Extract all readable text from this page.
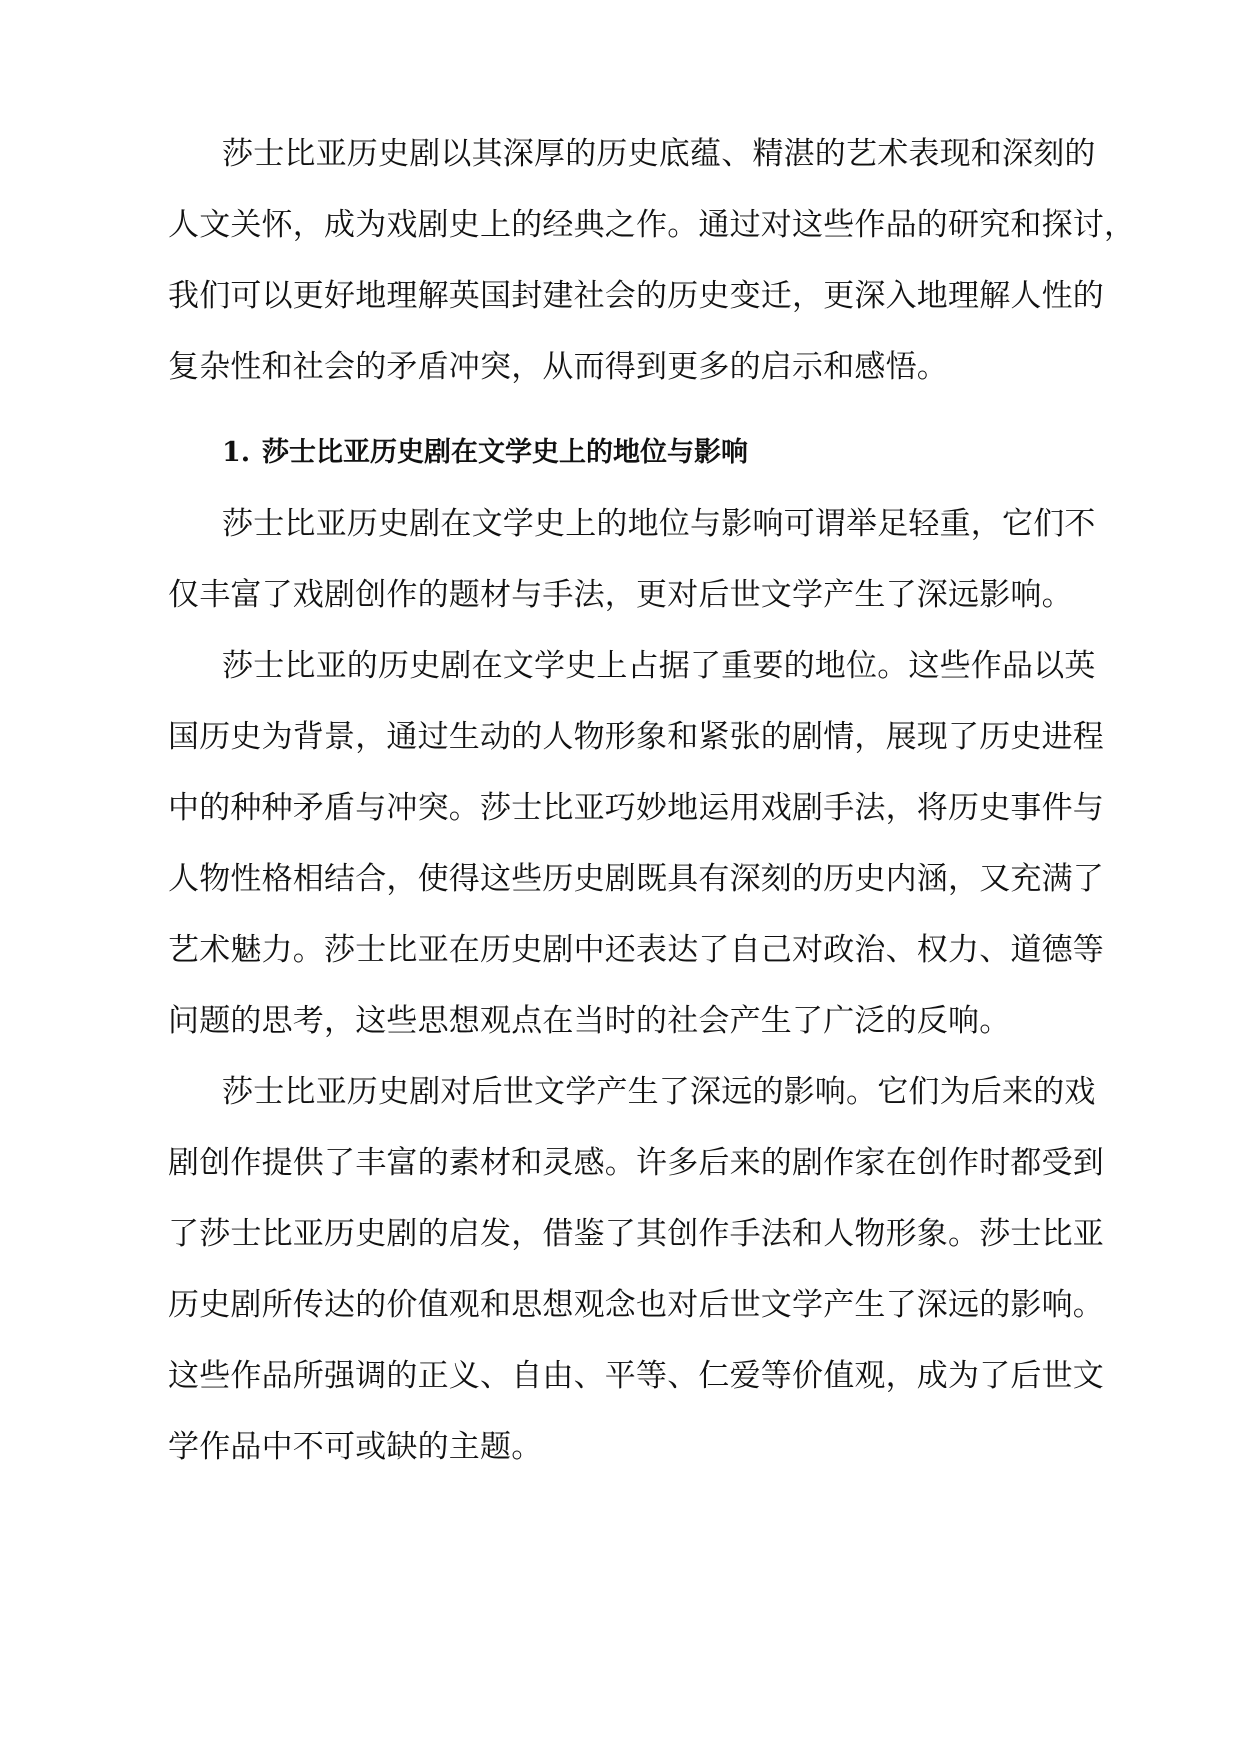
莎士比亚历史剧以其深厚的历史底蕴、精湛的艺术表现和深刻的

人文关怀，成为戏剧史上的经典之作。通过对这些作品的研究和探讨，

我们可以更好地理解英国封建社会的历史变迁，更深入地理解人性的

复杂性和社会的矛盾冲突，从而得到更多的启示和感悟。

1. 莎士比亚历史剧在文学史上的地位与影响

莎士比亚历史剧在文学史上的地位与影响可谓举足轻重，它们不

仅丰富了戏剧创作的题材与手法，更对后世文学产生了深远影响。

莎士比亚的历史剧在文学史上占据了重要的地位。这些作品以英

国历史为背景，通过生动的人物形象和紧张的剧情，展现了历史进程

中的种种矛盾与冲突。莎士比亚巧妙地运用戏剧手法，将历史事件与

人物性格相结合，使得这些历史剧既具有深刻的历史内涵，又充满了

艺术魅力。莎士比亚在历史剧中还表达了自己对政治、权力、道德等

问题的思考，这些思想观点在当时的社会产生了广泛的反响。

莎士比亚历史剧对后世文学产生了深远的影响。它们为后来的戏

剧创作提供了丰富的素材和灵感。许多后来的剧作家在创作时都受到

了莎士比亚历史剧的启发，借鉴了其创作手法和人物形象。莎士比亚

历史剧所传达的价值观和思想观念也对后世文学产生了深远的影响。

这些作品所强调的正义、自由、平等、仁爱等价值观，成为了后世文

学作品中不可或缺的主题。
